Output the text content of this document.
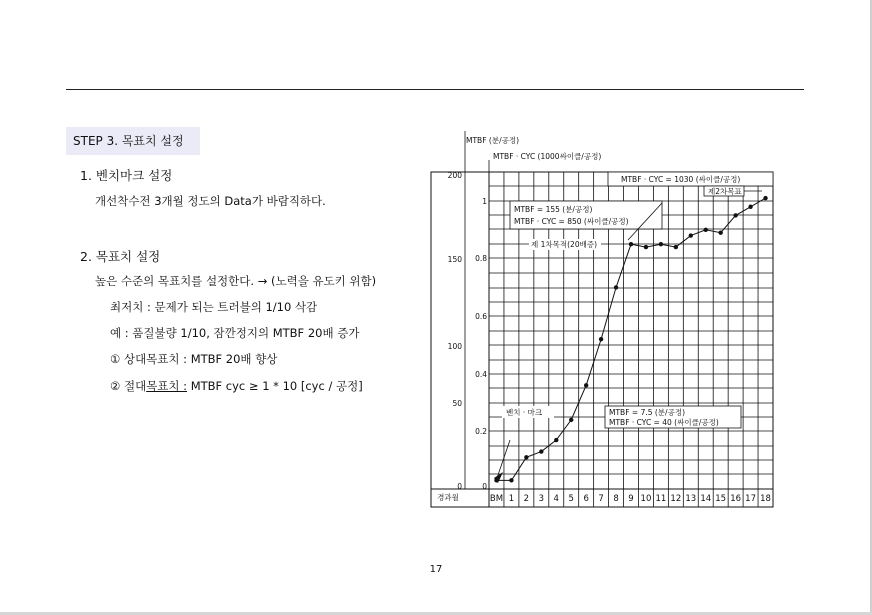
STEP 3. 목표치 설정
1. 벤치마크 설정
개선착수전 3개월 정도의 Data가 바람직하다.
2. 목표치 설정
높은 수준의 목표치를 설정한다. → (노력을 유도키 위함)
최저치 : 문제가 되는 트러블의 1/10 삭감
예 : 품질불량 1/10, 잠깐정지의 MTBF 20배 증가
① 상대목표치 : MTBF 20배 향상
② 절대목표치 : MTBF cyc ≥ 1 * 10 [cyc / 공정]
MTBF (분/공정)
MTBF · CYC (1000싸이클/공정)
200
150
100
50
0
1
0.8
0.6
0.4
0.2
0
경과월	BM 1 2 3 4 5 6 7 8 9 10 11 12 13 14 15 16 17 18
MTBF · CYC = 1030 (싸이클/공정)
제2차목표
MTBF = 155 (분/공정)
MTBF · CYC = 850 (싸이클/공정)
제 1차목적(20배증)
벤치 · 마크	MTBF = 7.5 (분/공정)
MTBF · CYC = 40 (싸이클/공정)
17
